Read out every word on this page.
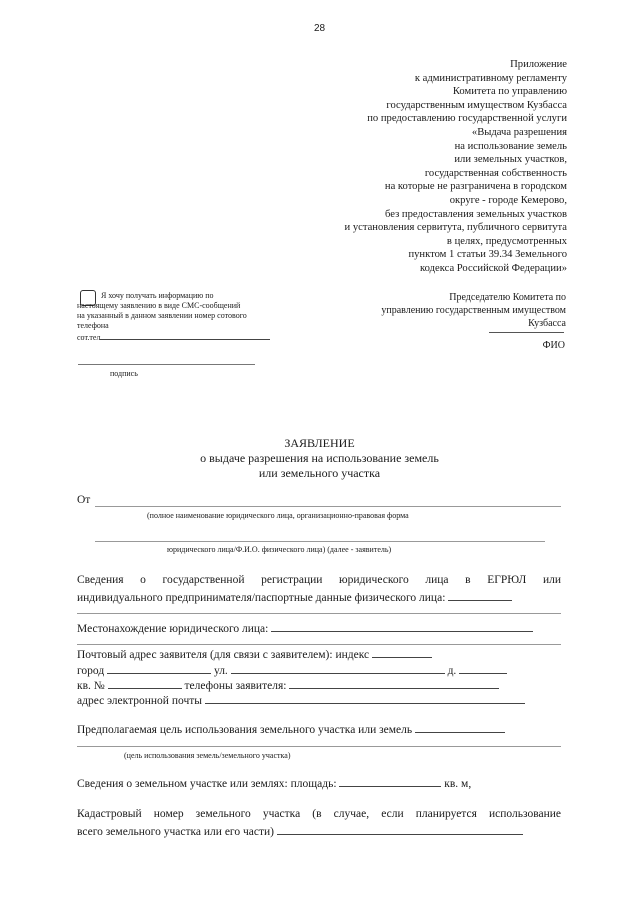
28
Приложение
к административному регламенту
Комитета по управлению
государственным имуществом Кузбасса
по предоставлению государственной услуги
«Выдача разрешения
на использование земель
или земельных участков,
государственная собственность
на которые не разграничена в городском
округе - городе Кемерово,
без предоставления земельных участков
и установления сервитута, публичного сервитута
в целях, предусмотренных
пунктом 1 статьи 39.34 Земельного
кодекса Российской Федерации»
Я хочу получать информацию по
настоящему заявлению в виде СМС-сообщений
на указанный в данном заявлении номер сотового
телефона
сот.тел
подпись
Председателю Комитета по
управлению государственным имуществом
Кузбасса
ФИО
ЗАЯВЛЕНИЕ
о выдаче разрешения на использование земель
или земельного участка
От
(полное наименование юридического лица, организационно-правовая форма
юридического лица/Ф.И.О. физического лица) (далее - заявитель)
Сведения о государственной регистрации юридического лица в ЕГРЮЛ или
индивидуального предпринимателя/паспортные данные физического лица:
Местонахождение юридического лица:
Почтовый адрес заявителя (для связи с заявителем): индекс
город	ул.	д.
кв. №	телефоны заявителя:
адрес электронной почты
Предполагаемая цель использования земельного участка или земель
(цель использования земель/земельного участка)
Сведения о земельном участке или землях: площадь:	кв. м,
Кадастровый номер земельного участка (в случае, если планируется использование
всего земельного участка или его части)
